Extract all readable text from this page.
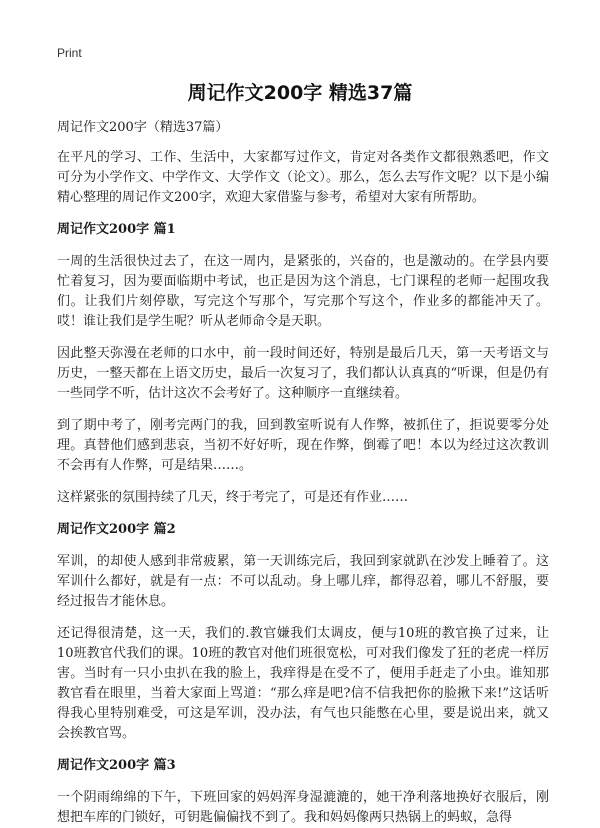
Print
周记作文200字 精选37篇
周记作文200字（精选37篇）

在平凡的学习、工作、生活中，大家都写过作文，肯定对各类作文都很熟悉吧，作文可分为小学作文、中学作文、大学作文（论文）。那么，怎么去写作文呢？以下是小编精心整理的周记作文200字，欢迎大家借鉴与参考，希望对大家有所帮助。

周记作文200字 篇1

一周的生活很快过去了，在这一周内，是紧张的，兴奋的，也是激动的。在学县内要忙着复习，因为要面临期中考试，也正是因为这个消息，七门课程的老师一起围攻我们。让我们片刻停歇，写完这个写那个，写完那个写这个，作业多的都能冲天了。哎！谁让我们是学生呢？听从老师命令是天职。

因此整天弥漫在老师的口水中，前一段时间还好，特别是最后几天，第一天考语文与历史，一整天都在上语文历史，最后一次复习了，我们都认认真真的“听课，但是仍有一些同学不听，估计这次不会考好了。这种顺序一直继续着。

到了期中考了，刚考完两门的我，回到教室听说有人作弊，被抓住了，拒说要零分处理。真替他们感到悲哀，当初不好好听，现在作弊，倒霉了吧！本以为经过这次教训不会再有人作弊，可是结果……。

这样紧张的氛围持续了几天，终于考完了，可是还有作业……

周记作文200字 篇2

军训，的却使人感到非常疲累，第一天训练完后，我回到家就趴在沙发上睡着了。这军训什么都好，就是有一点：不可以乱动。身上哪儿痒，都得忍着，哪儿不舒服，要经过报告才能休息。

还记得很清楚，这一天，我们的.教官嫌我们太调皮，便与10班的教官换了过来，让10班教官代我们的课。10班的教官对他们班很宽松，可对我们像发了狂的老虎一样厉害。当时有一只小虫扒在我的脸上，我痒得是在受不了，便用手赶走了小虫。谁知那教官看在眼里，当着大家面上骂道：“那么痒是吧?信不信我把你的脸揪下来!”这话听得我心里特别难受，可这是军训，没办法，有气也只能憋在心里，要是说出来，就又会挨教官骂。

周记作文200字 篇3

一个阴雨绵绵的下午，下班回家的妈妈浑身湿漉漉的，她干净利落地换好衣服后，刚想把车库的门锁好，可钥匙偏偏找不到了。我和妈妈像两只热锅上的蚂蚁，急得
